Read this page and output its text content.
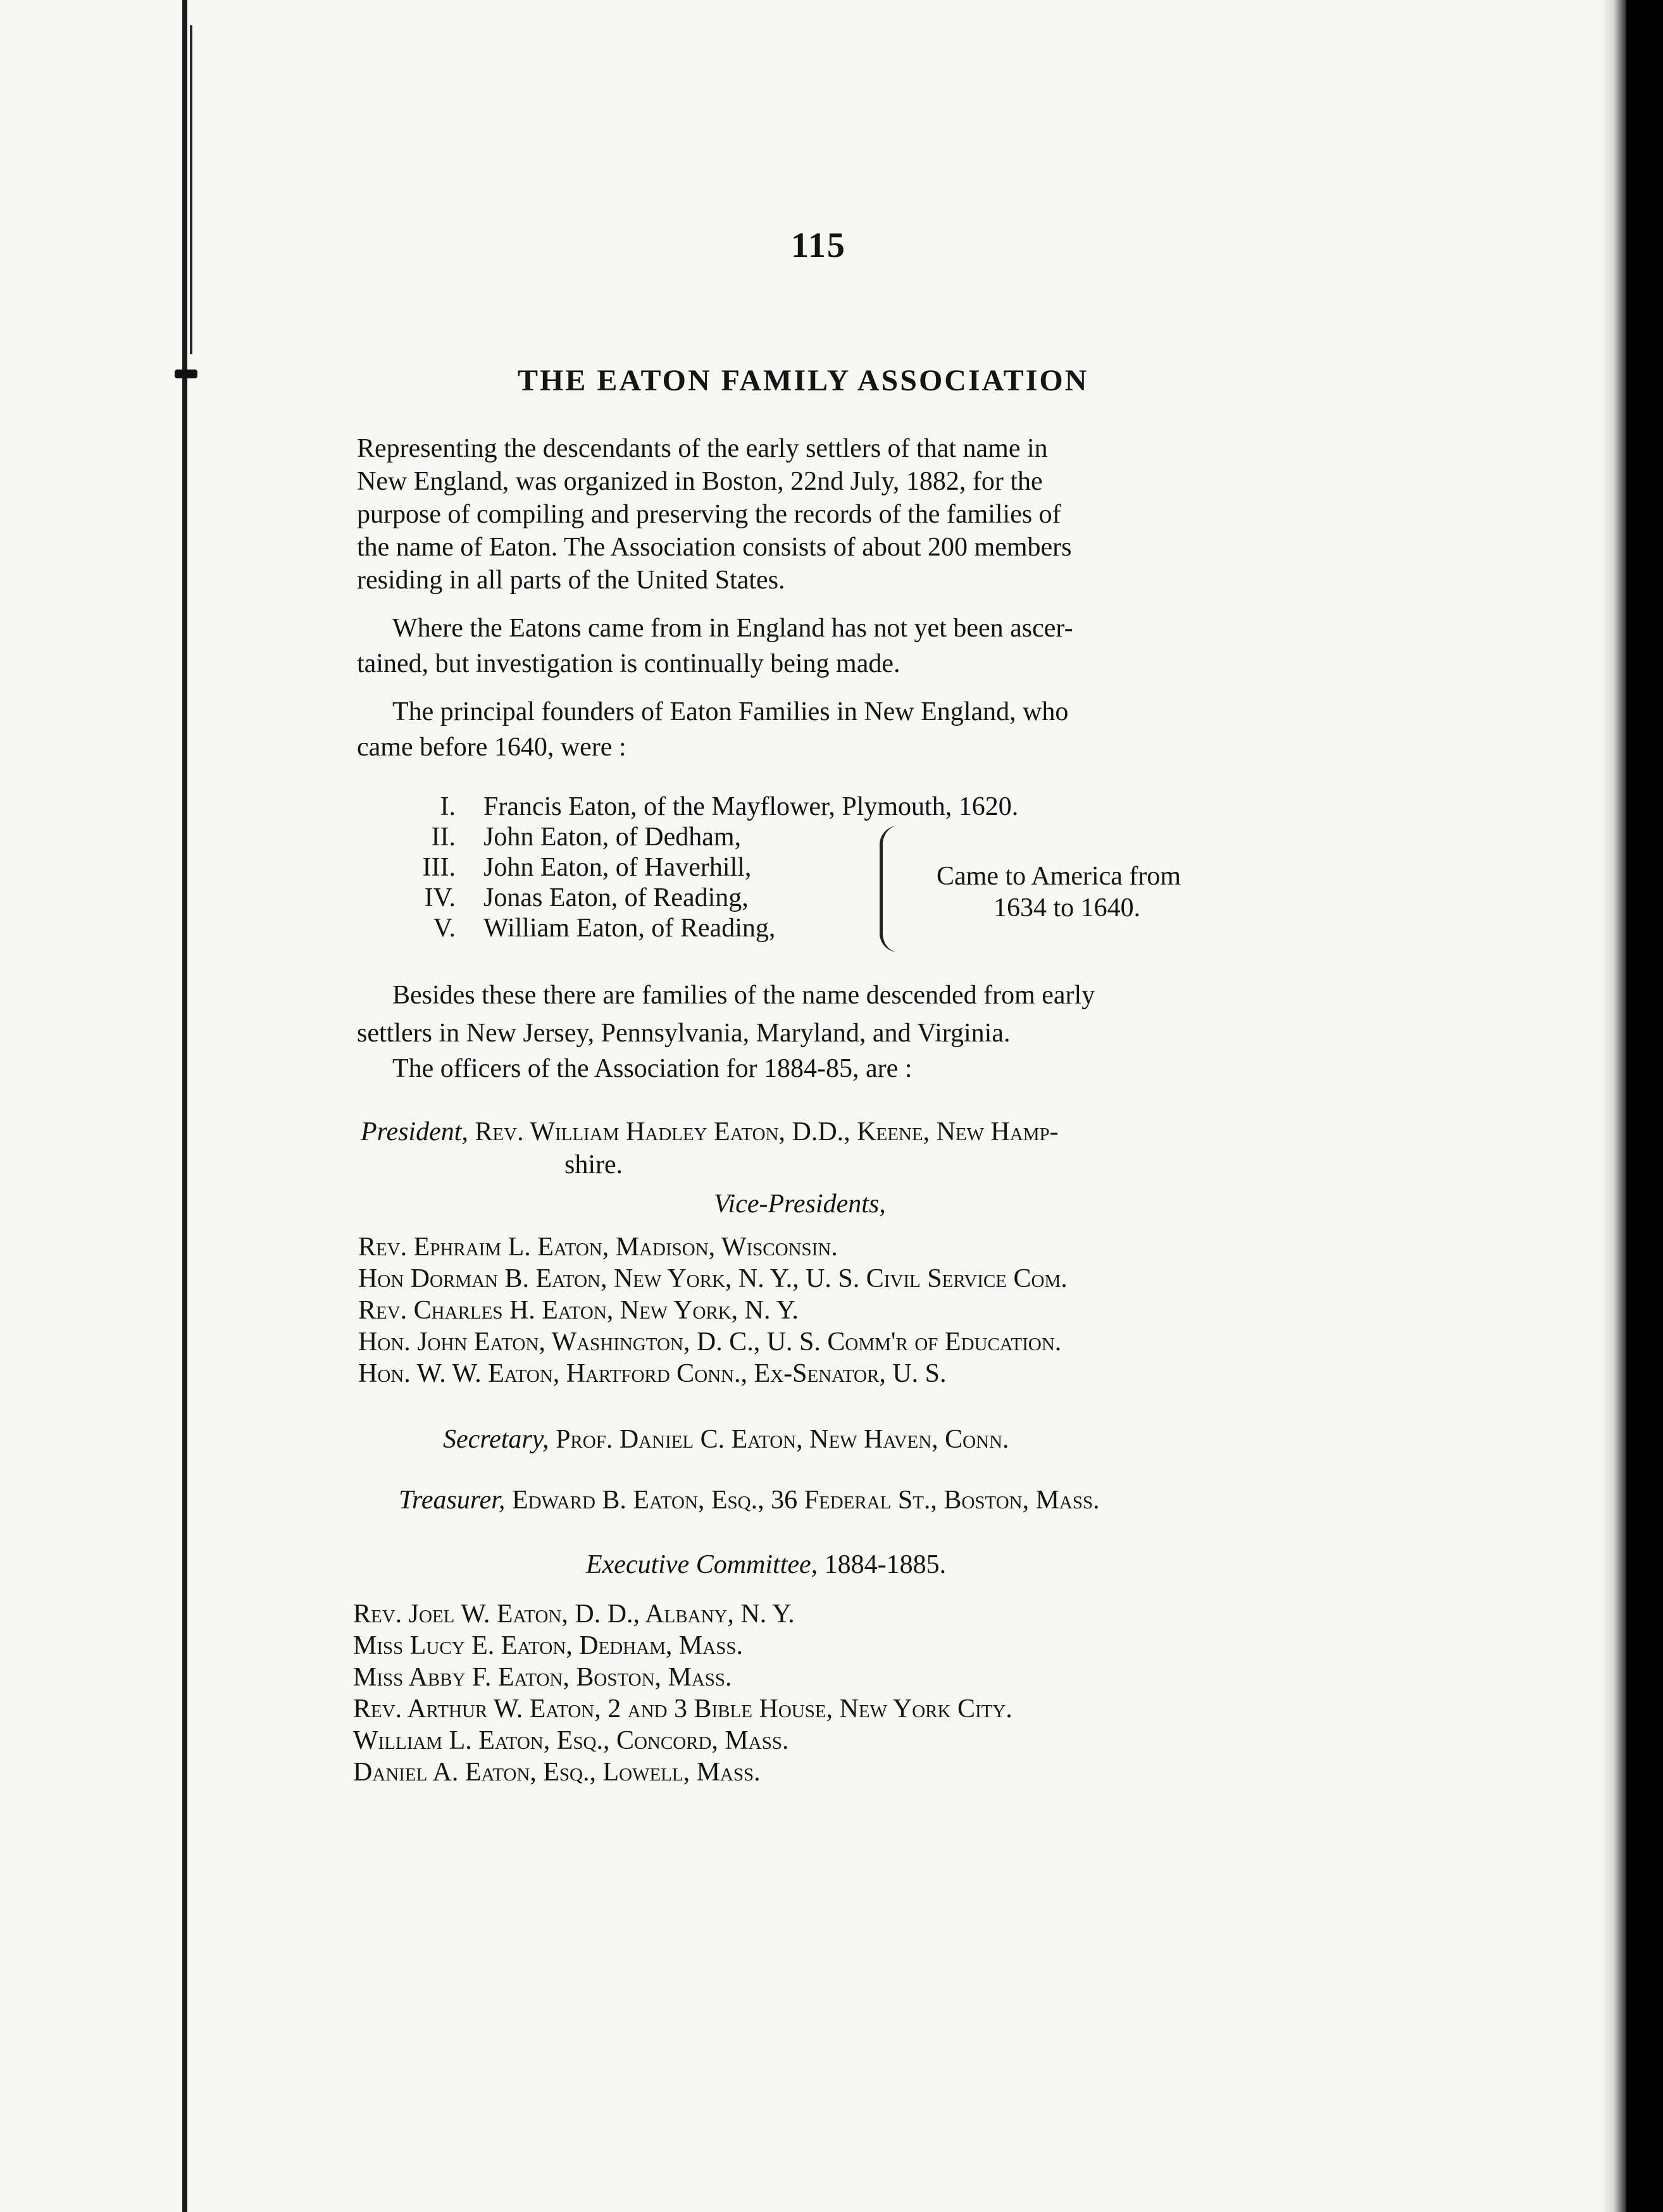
115
THE EATON FAMILY ASSOCIATION
Representing the descendants of the early settlers of that name in
New England, was organized in Boston, 22nd July, 1882, for the
purpose of compiling and preserving the records of the families of
the name of Eaton. The Association consists of about 200 members
residing in all parts of the United States.
Where the Eatons came from in England has not yet been ascer-
tained, but investigation is continually being made.
The principal founders of Eaton Families in New England, who
came before 1640, were :
I. Francis Eaton, of the Mayflower, Plymouth, 1620.
II. John Eaton, of Dedham,
III. John Eaton, of Haverhill,
IV. Jonas Eaton, of Reading,
V. William Eaton, of Reading,
Came to America from
1634 to 1640.
Besides these there are families of the name descended from early
settlers in New Jersey, Pennsylvania, Maryland, and Virginia.
The officers of the Association for 1884-85, are :
President, Rev. William Hadley Eaton, D.D., Keene, New Hamp-
shire.
Vice-Presidents,
Rev. Ephraim L. Eaton, Madison, Wisconsin.
Hon Dorman B. Eaton, New York, N. Y., U. S. Civil Service Com.
Rev. Charles H. Eaton, New York, N. Y.
Hon. John Eaton, Washington, D. C., U. S. Comm'r of Education.
Hon. W. W. Eaton, Hartford Conn., Ex-Senator, U. S.
Secretary, Prof. Daniel C. Eaton, New Haven, Conn.
Treasurer, Edward B. Eaton, Esq., 36 Federal St., Boston, Mass.
Executive Committee, 1884-1885.
Rev. Joel W. Eaton, D. D., Albany, N. Y.
Miss Lucy E. Eaton, Dedham, Mass.
Miss Abby F. Eaton, Boston, Mass.
Rev. Arthur W. Eaton, 2 and 3 Bible House, New York City.
William L. Eaton, Esq., Concord, Mass.
Daniel A. Eaton, Esq., Lowell, Mass.
